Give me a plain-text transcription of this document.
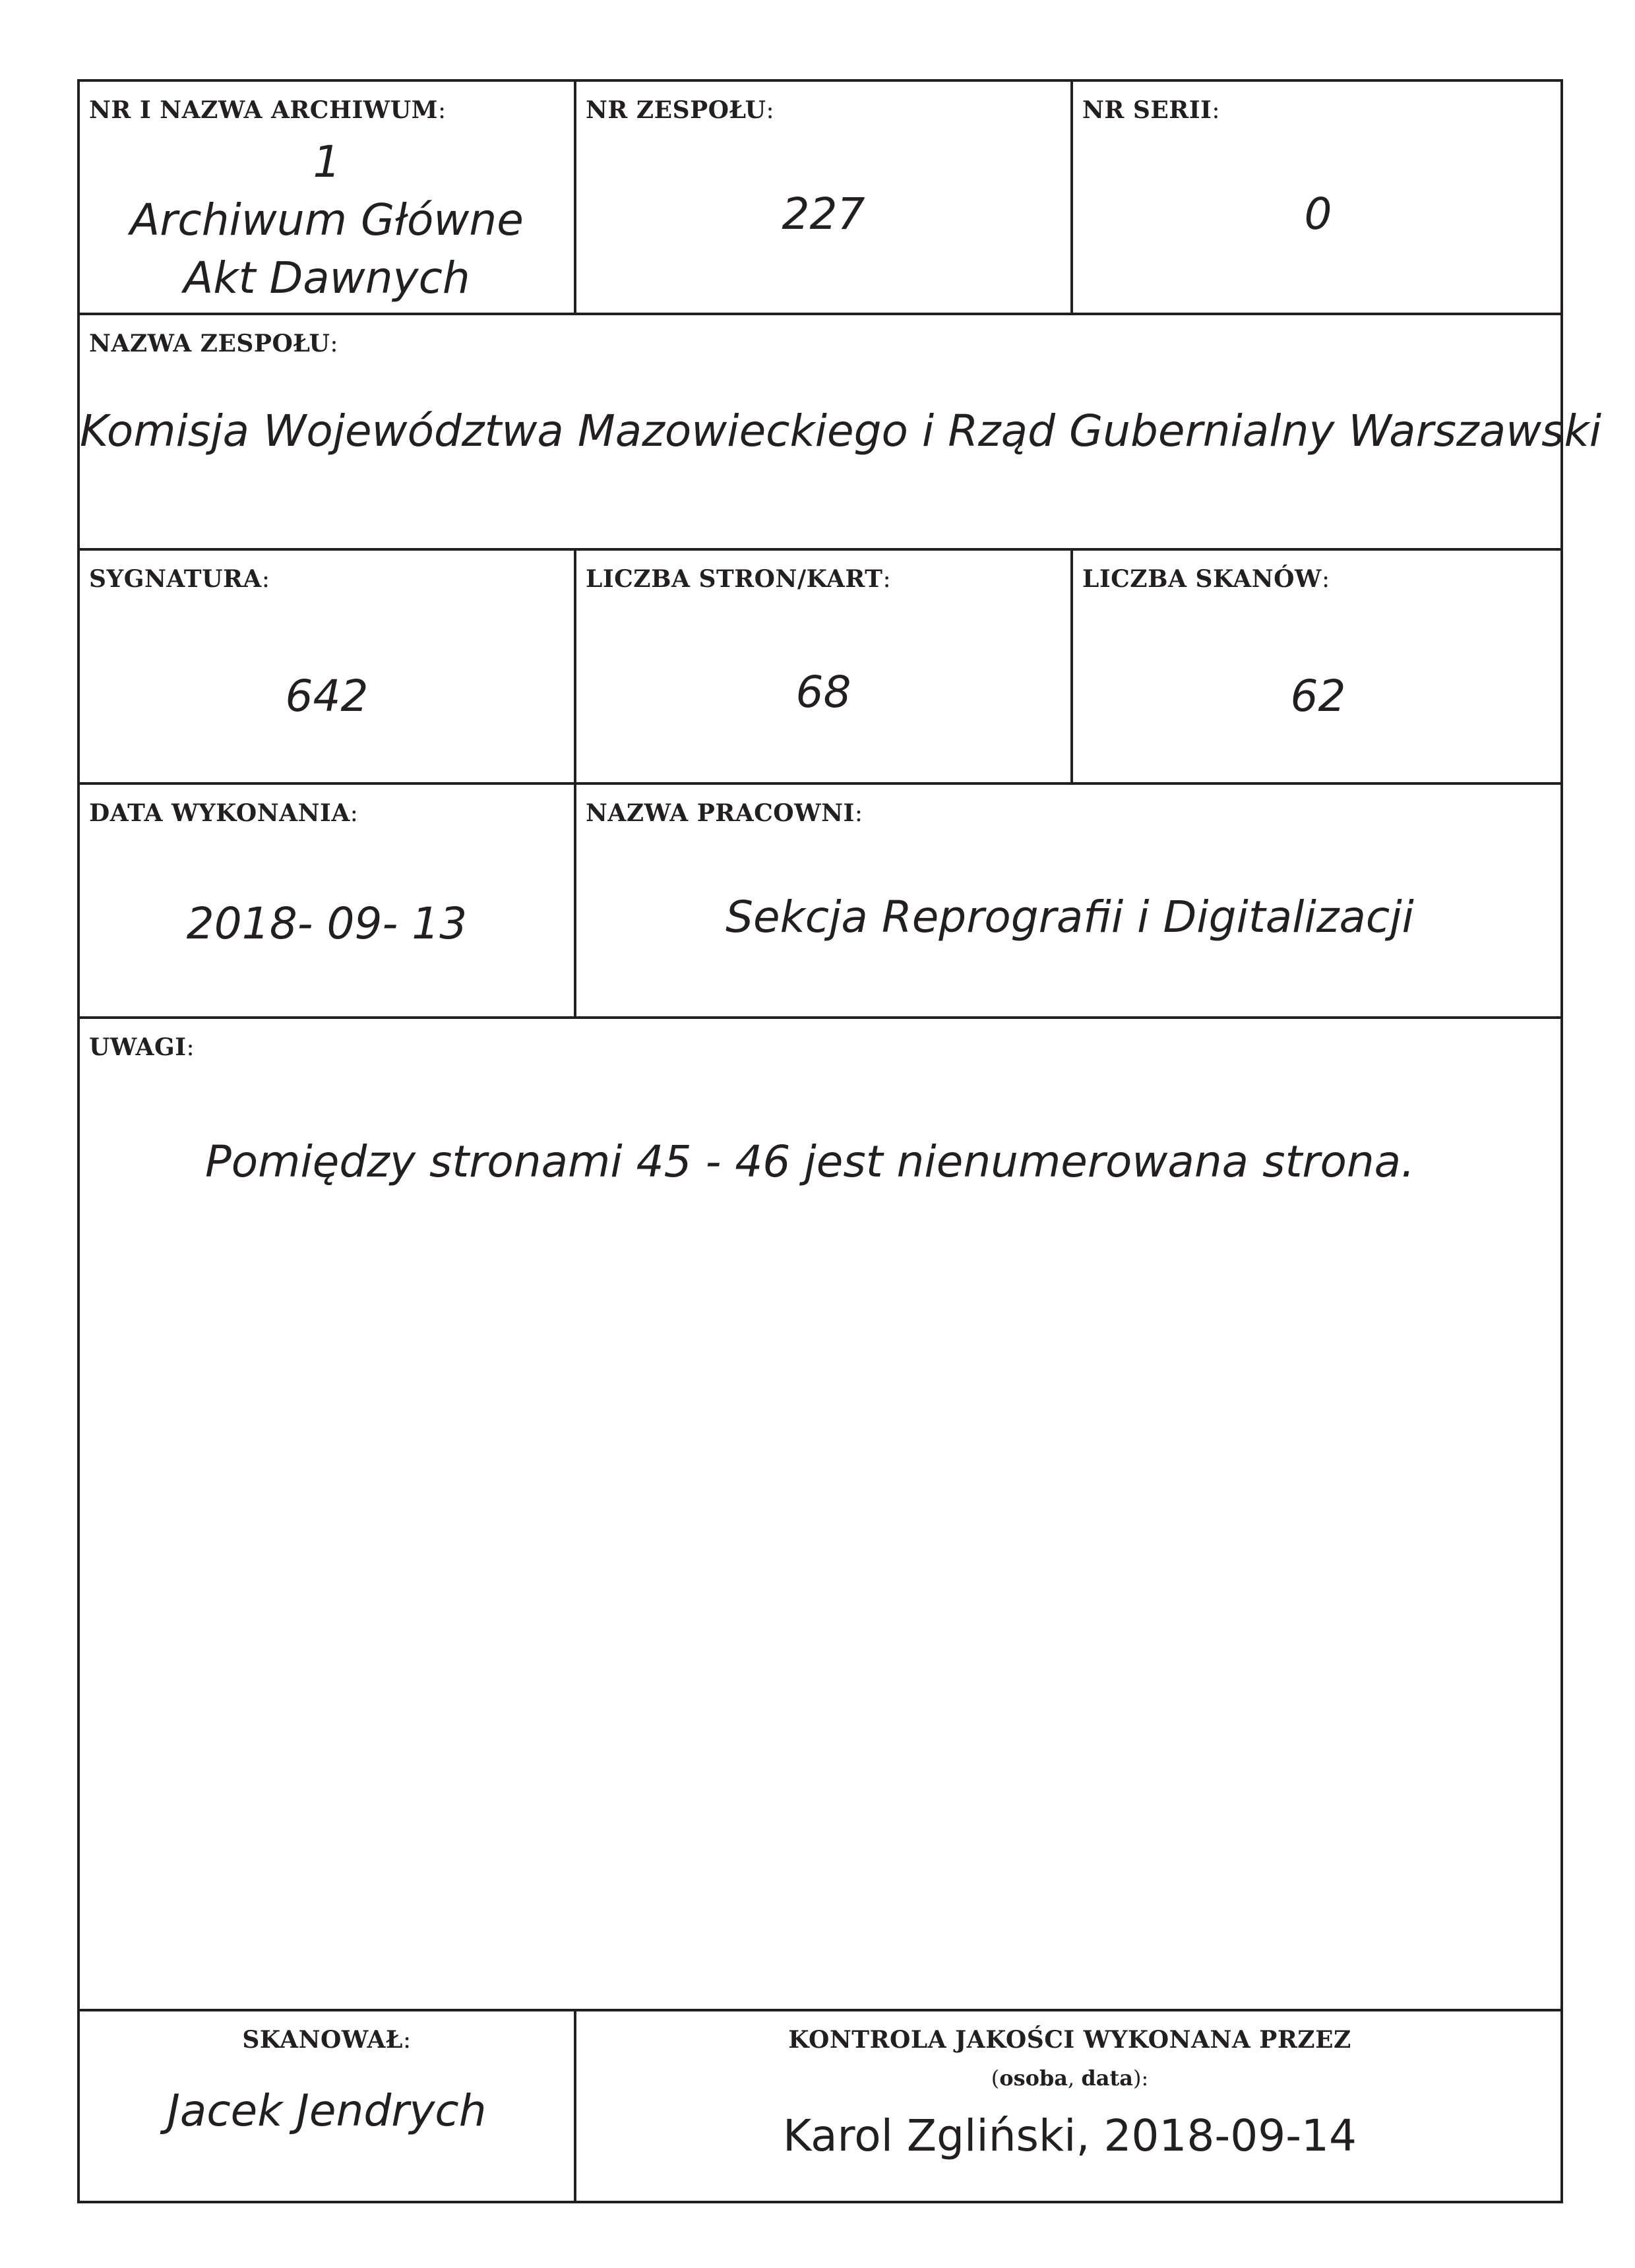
NR I NAZWA ARCHIWUM:
1
Archiwum Główne
Akt Dawnych
NR ZESPOŁU:
227
NR SERII:
0
NAZWA ZESPOŁU:
Komisja Województwa Mazowieckiego i Rząd Gubernialny Warszawski
SYGNATURA:
642
LICZBA STRON/KART:
68
LICZBA SKANÓW:
62
DATA WYKONANIA:
2018- 09- 13
NAZWA PRACOWNI:
Sekcja Reprografii i Digitalizacji
UWAGI:
Pomiędzy stronami 45 - 46 jest nienumerowana strona.
SKANOWAŁ:
Jacek Jendrych
KONTROLA JAKOŚCI WYKONANA PRZEZ
(osoba, data):
Karol Zgliński, 2018-09-14
